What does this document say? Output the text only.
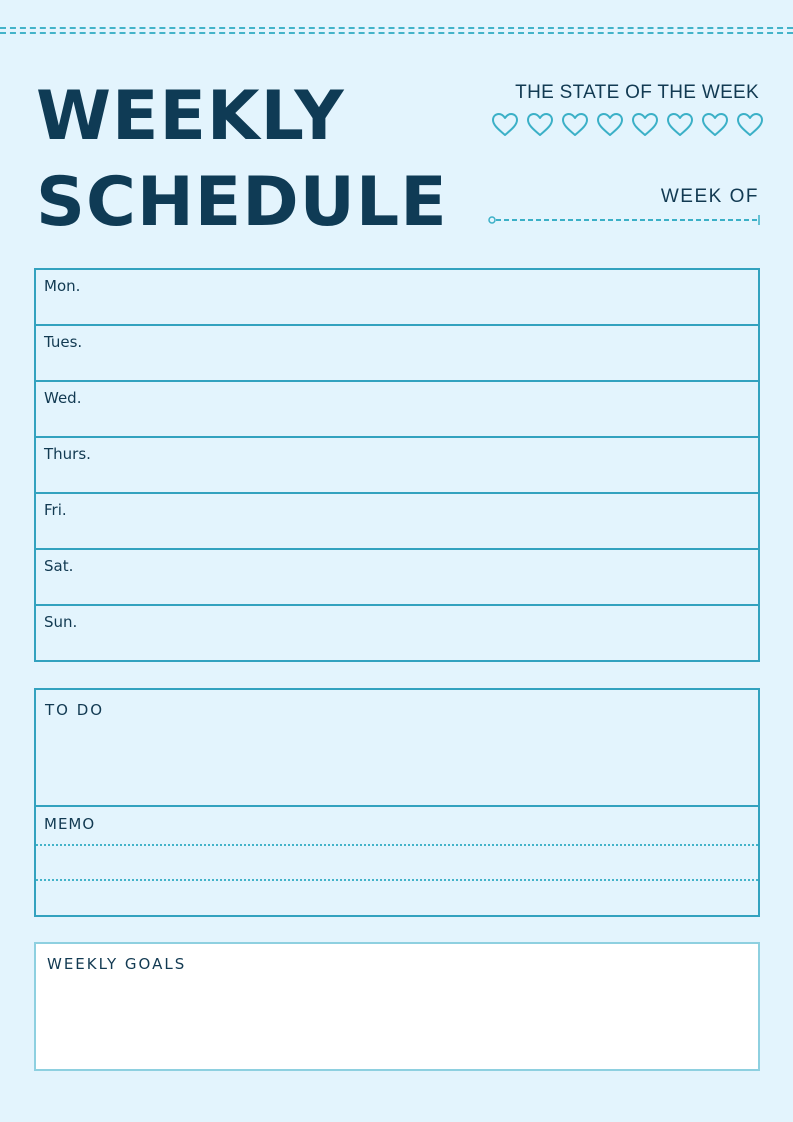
WEEKLY
SCHEDULE
THE STATE OF THE WEEK
WEEK OF
Mon.
Tues.
Wed.
Thurs.
Fri.
Sat.
Sun.
TO DO
MEMO
WEEKLY GOALS
